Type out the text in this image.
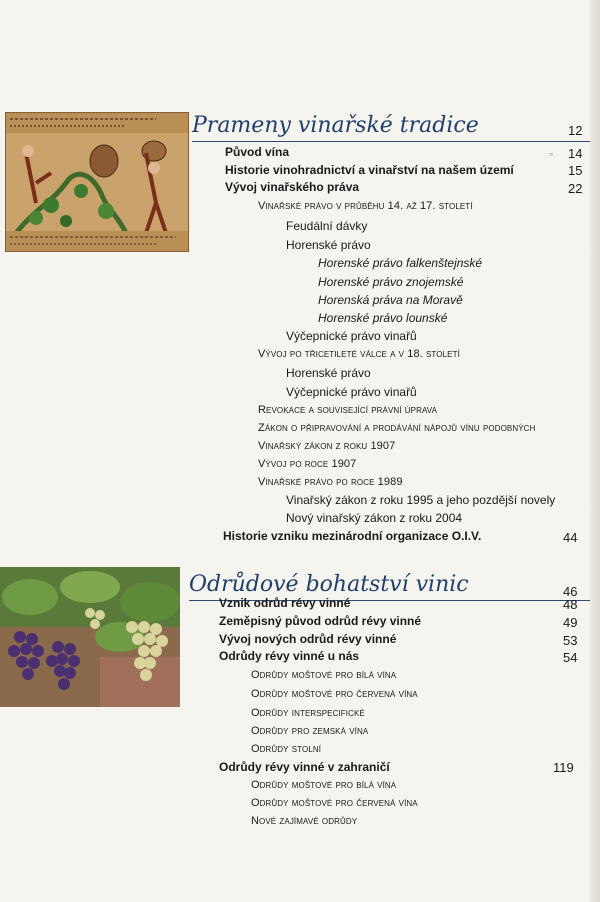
Prameny vinařské tradice	12
Původ vína	≈ 14
Historie vinohradnictví a vinařství na našem území	15
Vývoj vinařského práva	22
Vinařské právo v průběhu 14. až 17. století
Feudální dávky
Horenské právo
Horenské právo falkenštejnské
Horenské právo znojemské
Horenská práva na Moravě
Horenské právo lounské
Výčepnické právo vinařů
Vývoj po třicetileté válce a v 18. století
Horenské právo
Výčepnické právo vinařů
Revokace a související právní úprava
Zákon o připravování a prodávání nápojů vínu podobných
Vinařský zákon z roku 1907
Vývoj po roce 1907
Vinařské právo po roce 1989
Vinařský zákon z roku 1995 a jeho pozdější novely
Nový vinařský zákon z roku 2004
Historie vzniku mezinárodní organizace O.I.V.	44
Odrůdové bohatství vinic	46
Vznik odrůd révy vinné	48
Zeměpisný původ odrůd révy vinné	49
Vývoj nových odrůd révy vinné	53
Odrůdy révy vinné u nás	54
Odrůdy moštové pro bílá vína
Odrůdy moštové pro červená vína
Odrůdy interspecifické
Odrůdy pro zemská vína
Odrůdy stolní
Odrůdy révy vinné v zahraničí	119
Odrůdy moštové pro bílá vína
Odrůdy moštové pro červená vína
Nové zajímavé odrůdy
